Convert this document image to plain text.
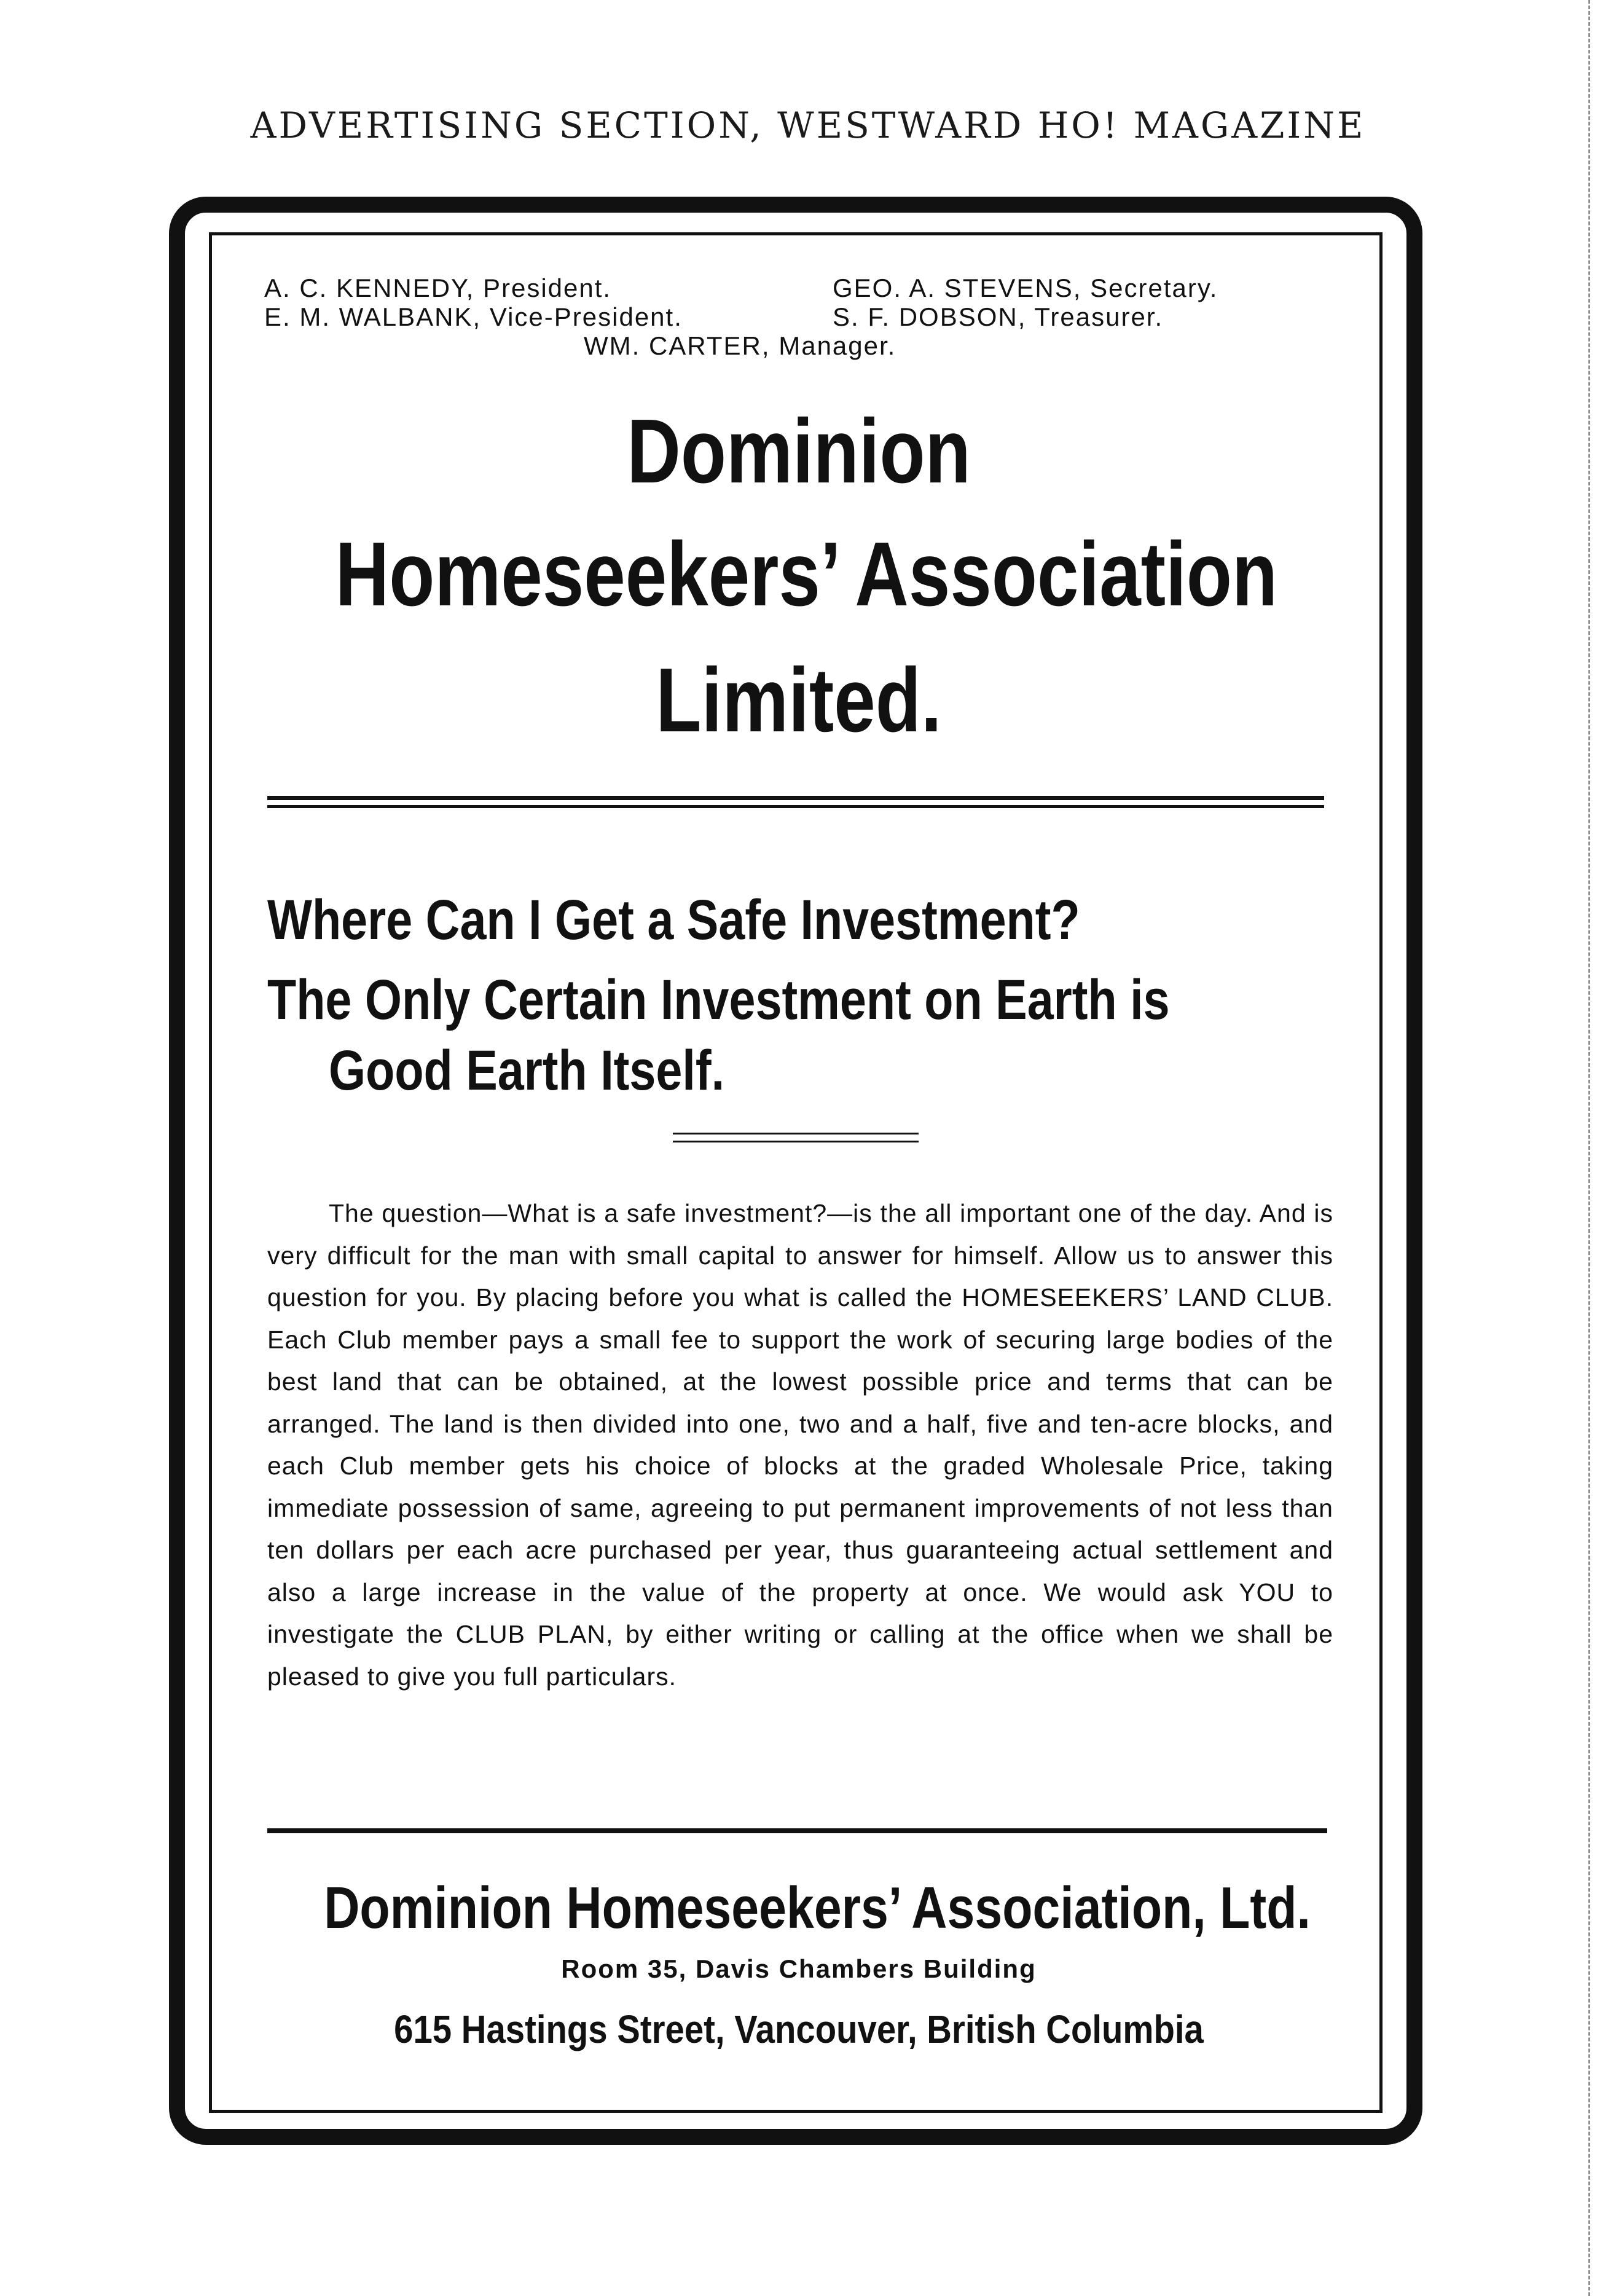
ADVERTISING SECTION, WESTWARD HO! MAGAZINE
A. C. KENNEDY, President.	GEO. A. STEVENS, Secretary.
E. M. WALBANK, Vice-President.	S. F. DOBSON, Treasurer.
WM. CARTER, Manager.
Dominion
Homeseekers’ Association
Limited.
Where Can I Get a Safe Investment?
The Only Certain Investment on Earth is
Good Earth Itself.

The question—What is a safe investment?—is the all important one of the day. And is very difficult for the man with small capital to answer for himself. Allow us to answer this question for you. By placing before you what is called the HOMESEEKERS’ LAND CLUB. Each Club member pays a small fee to support the work of securing large bodies of the best land that can be obtained, at the lowest possible price and terms that can be arranged. The land is then divided into one, two and a half, five and ten-acre blocks, and each Club member gets his choice of blocks at the graded Wholesale Price, taking immediate possession of same, agreeing to put permanent improvements of not less than ten dollars per each acre purchased per year, thus guaranteeing actual settlement and also a large increase in the value of the property at once. We would ask YOU to investigate the CLUB PLAN, by either writing or calling at the office when we shall be pleased to give you full particulars.

Dominion Homeseekers’ Association, Ltd.
Room 35, Davis Chambers Building
615 Hastings Street, Vancouver, British Columbia
